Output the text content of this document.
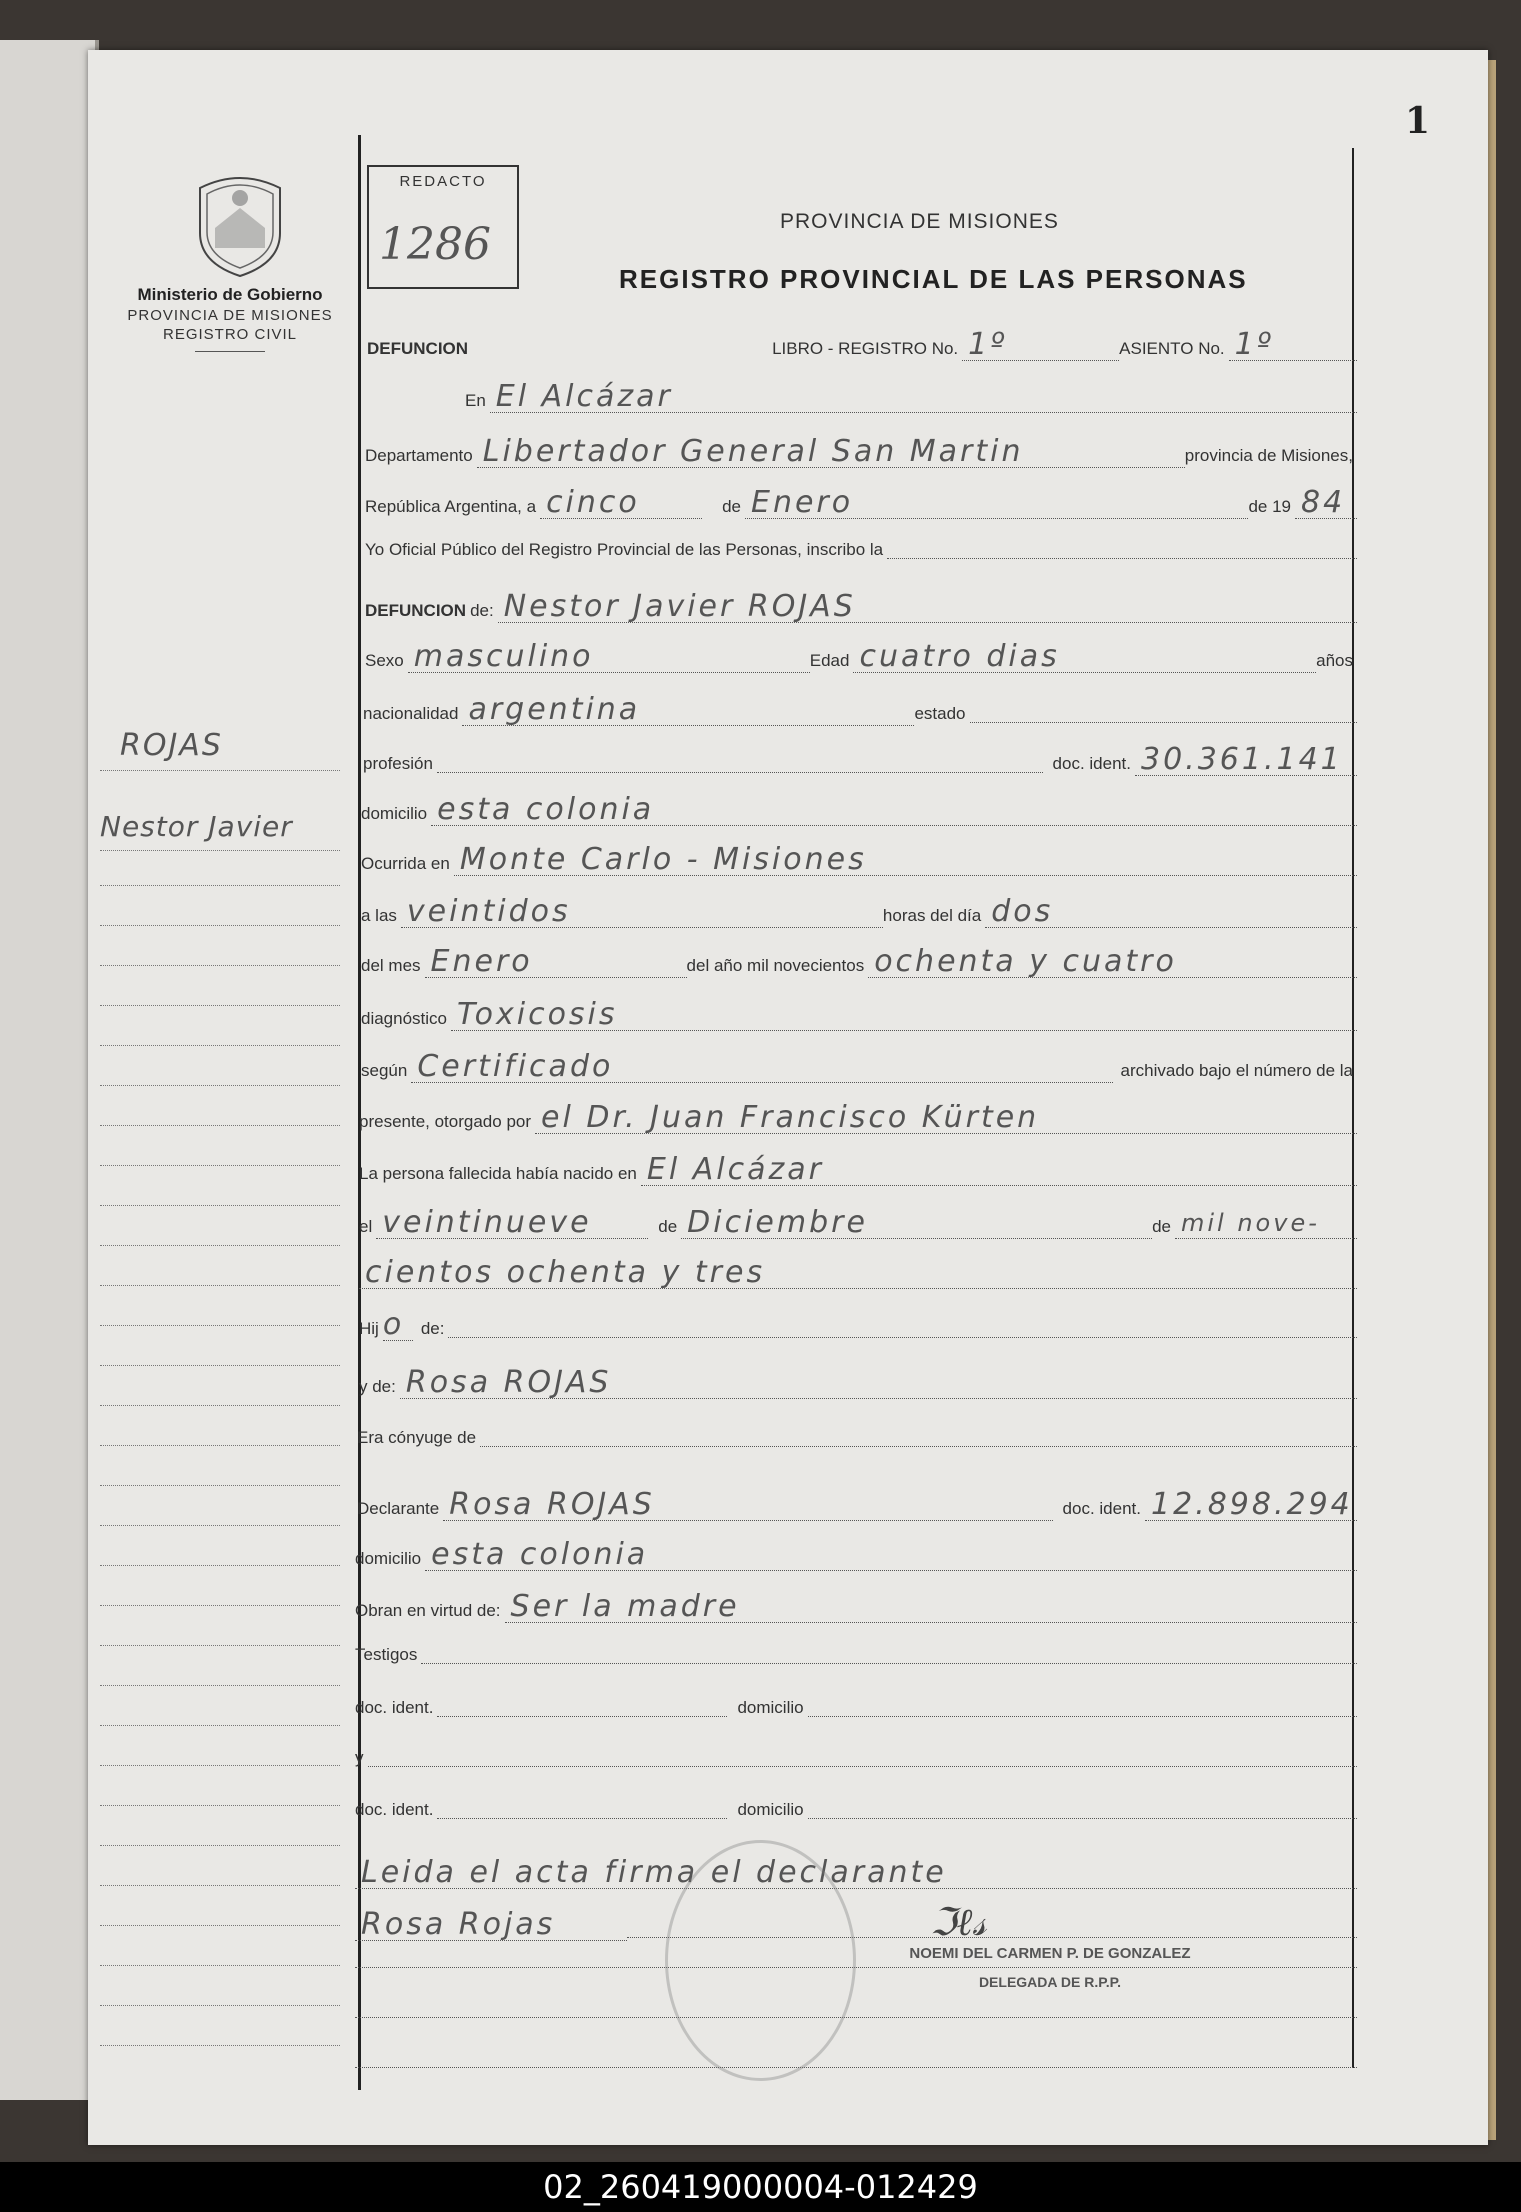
1
Ministerio de Gobierno
PROVINCIA DE MISIONES
REGISTRO CIVIL
REDACTO
1286	PROVINCIA DE MISIONES
REGISTRO PROVINCIAL DE LAS PERSONAS
DEFUNCION	LIBRO - REGISTRO No. 1º	ASIENTO No. 1º
En El Alcázar
Departamento Libertador General San Martin	provincia de Misiones,
República Argentina, a cinco	de Enero	de 19 84
Yo Oficial Público del Registro Provincial de las Personas, inscribo la
DEFUNCION de: Nestor Javier ROJAS
Sexo masculino	Edad cuatro dias	años
nacionalidad argentina	estado
profesión	doc. ident. 30.361.141
domicilio esta colonia
Ocurrida en Monte Carlo - Misiones
a las veintidos	horas del día dos
del mes Enero	del año mil novecientos ochenta y cuatro
diagnóstico Toxicosis
según Certificado	archivado bajo el número de la
presente, otorgado por el Dr. Juan Francisco Kürten
La persona fallecida había nacido en El Alcázar
el veintinueve	de Diciembre	de mil nove-
cientos ochenta y tres
Hij o de:
y de: Rosa ROJAS
Era cónyuge de
Declarante Rosa ROJAS	doc. ident. 12.898.294
domicilio esta colonia
Obran en virtud de: Ser la madre
Testigos
doc. ident.	domicilio
y
doc. ident.	domicilio
Leida el acta firma el declarante
Rosa Rojas
ROJAS
Nestor Javier
ℑℓ𝓈
NOEMI DEL CARMEN P. DE GONZALEZ
DELEGADA DE R.P.P.
02_260419000004-012429
